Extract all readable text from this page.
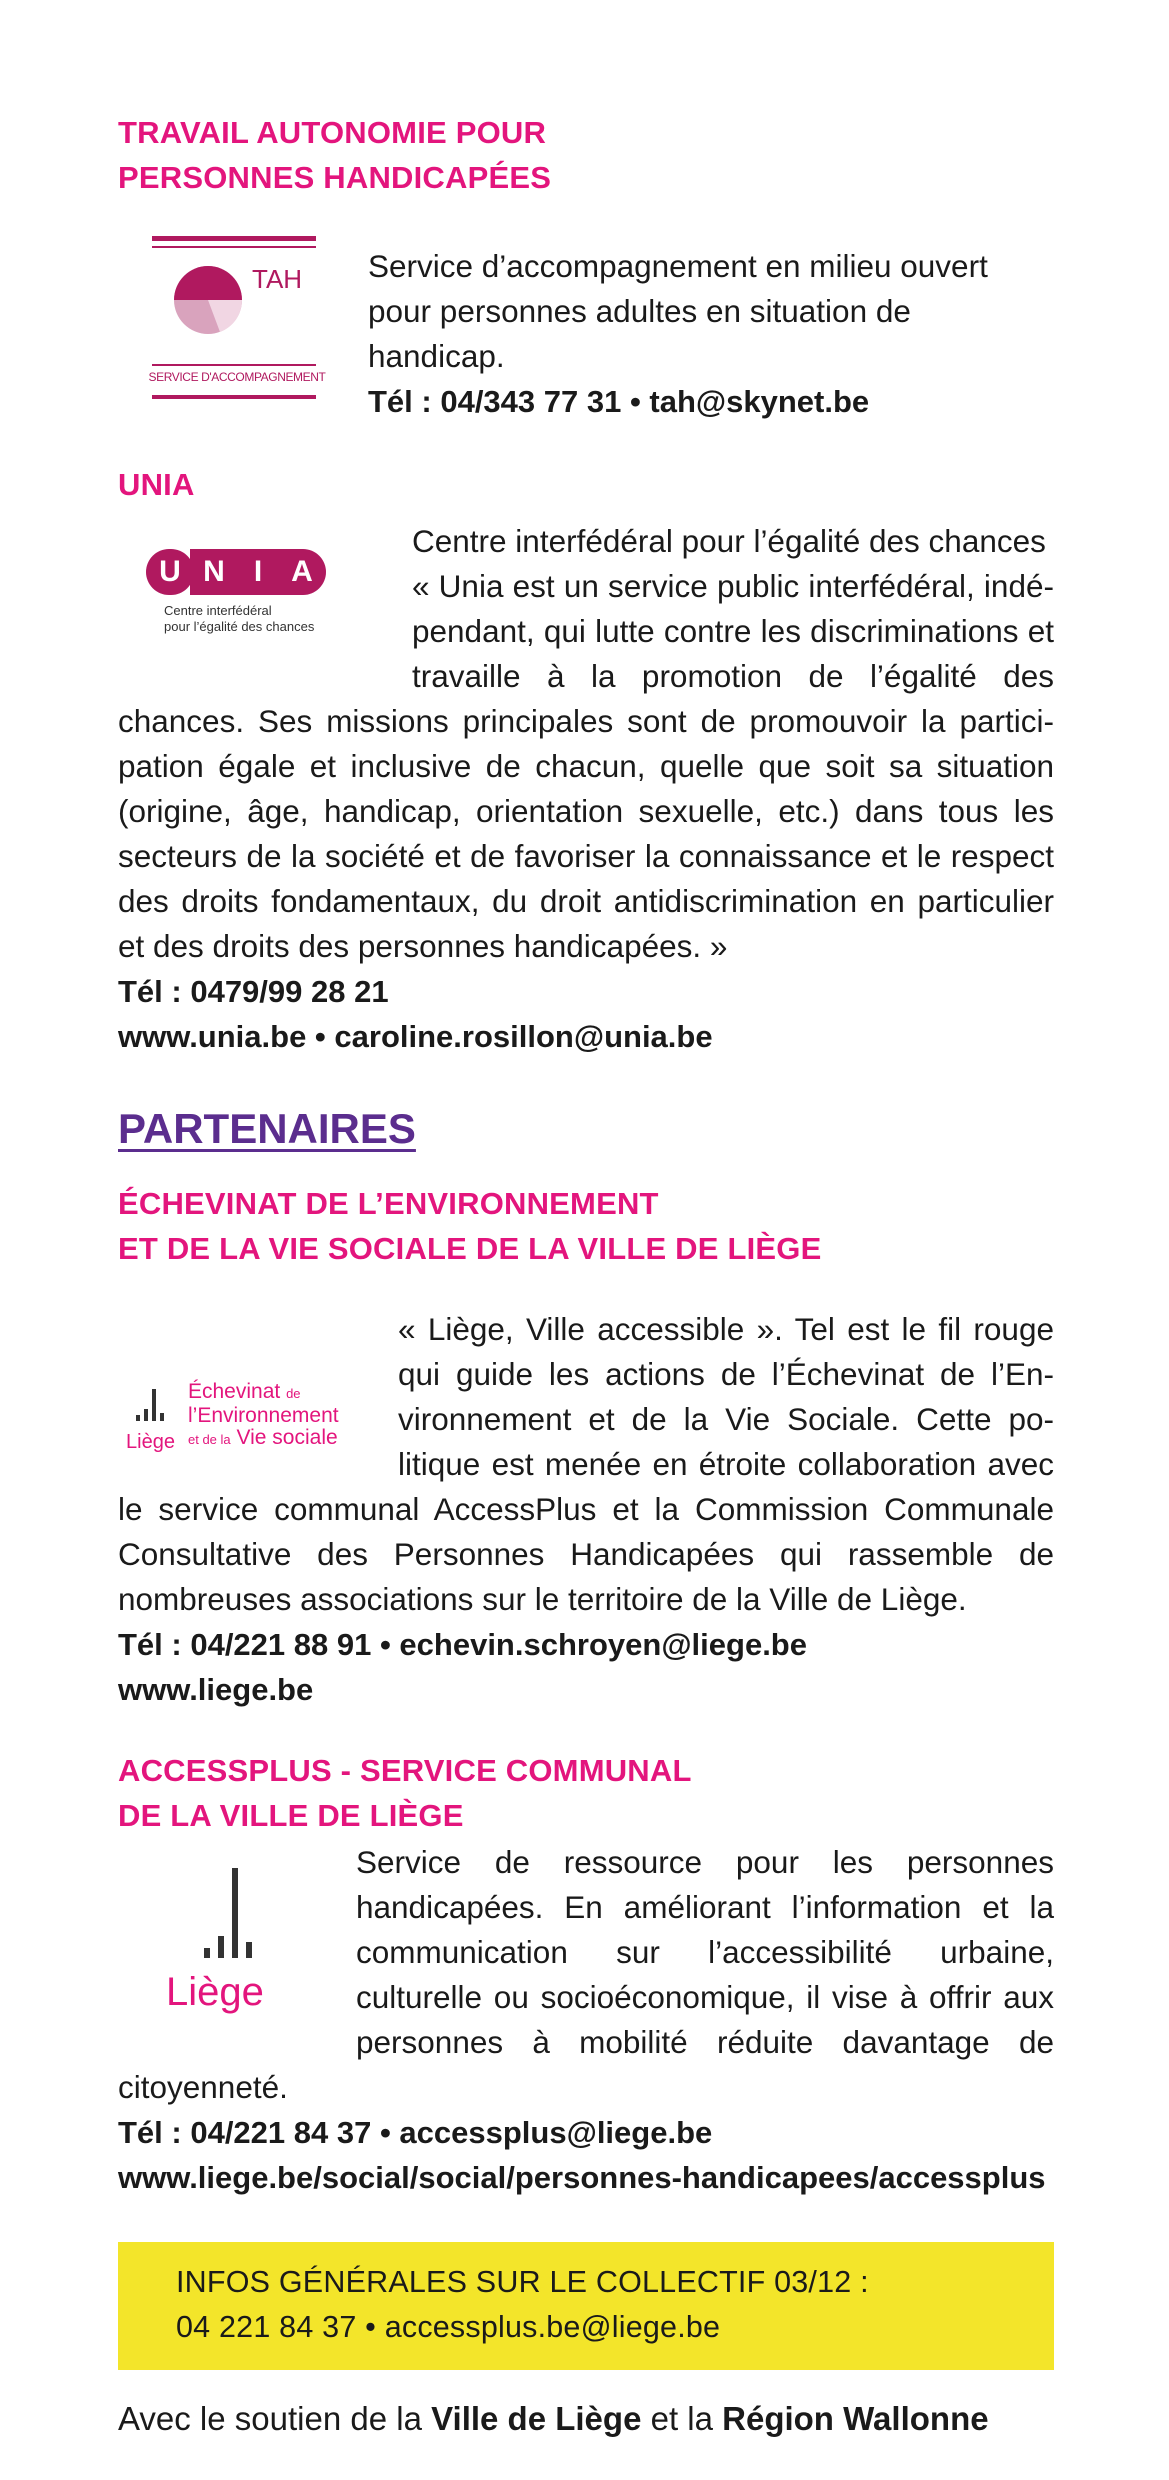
TRAVAIL AUTONOMIE POUR
PERSONNES HANDICAPÉES
TAH
SERVICE D'ACCOMPAGNEMENT
Service d’accompagnement en milieu ouvert pour personnes adultes en situation de handicap.
Tél : 04/343 77 31 • tah@skynet.be
UNIA
U N I A
Centre interfédéral
pour l’égalité des chances
Centre interfédéral pour l’égalité des chances
« Unia est un service public interfédéral, indépendant, qui lutte contre les discriminations et travaille à la promotion de l’égalité des chances. Ses missions principales sont de promouvoir la participation égale et inclusive de chacun, quelle que soit sa situation (origine, âge, handicap, orientation sexuelle, etc.) dans tous les secteurs de la société et de favoriser la connaissance et le respect des droits fondamentaux, du droit antidiscrimination en particulier et des droits des personnes handicapées. »
Tél : 0479/99 28 21
www.unia.be • caroline.rosillon@unia.be
PARTENAIRES
ÉCHEVINAT DE L’ENVIRONNEMENT
ET DE LA VIE SOCIALE DE LA VILLE DE LIÈGE
Liège
Échevinat de
l’Environnement
et de la Vie sociale
« Liège, Ville accessible ». Tel est le fil rouge qui guide les actions de l’Échevinat de l’Environnement et de la Vie Sociale. Cette politique est menée en étroite collaboration avec le service communal AccessPlus et la Commission Communale Consultative des Personnes Handicapées qui rassemble de nombreuses associations sur le territoire de la Ville de Liège.
Tél : 04/221 88 91 • echevin.schroyen@liege.be
www.liege.be
ACCESSPLUS - SERVICE COMMUNAL
DE LA VILLE DE LIÈGE
Liège
Service de ressource pour les personnes handicapées. En améliorant l’information et la communication sur l’accessibilité urbaine, culturelle ou socioéconomique, il vise à offrir aux personnes à mobilité réduite davantage de citoyenneté.
Tél : 04/221 84 37 • accessplus@liege.be
www.liege.be/social/social/personnes-handicapees/accessplus
INFOS GÉNÉRALES SUR LE COLLECTIF 03/12 :
04 221 84 37 • accessplus.be@liege.be
Avec le soutien de la Ville de Liège et la Région Wallonne
